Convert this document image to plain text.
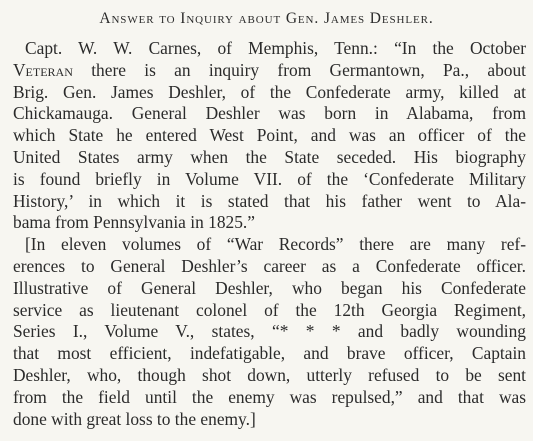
Answer to Inquiry about Gen. James Deshler.
Capt. W. W. Carnes, of Memphis, Tenn.: “In the October
Veteran there is an inquiry from Germantown, Pa., about
Brig. Gen. James Deshler, of the Confederate army, killed at
Chickamauga. General Deshler was born in Alabama, from
which State he entered West Point, and was an officer of the
United States army when the State seceded. His biography
is found briefly in Volume VII. of the ‘Confederate Military
History,’ in which it is stated that his father went to Ala-
bama from Pennsylvania in 1825.”
[In eleven volumes of “War Records” there are many ref-
erences to General Deshler’s career as a Confederate officer.
Illustrative of General Deshler, who began his Confederate
service as lieutenant colonel of the 12th Georgia Regiment,
Series I., Volume V., states, “* * * and badly wounding
that most efficient, indefatigable, and brave officer, Captain
Deshler, who, though shot down, utterly refused to be sent
from the field until the enemy was repulsed,” and that was
done with great loss to the enemy.]
